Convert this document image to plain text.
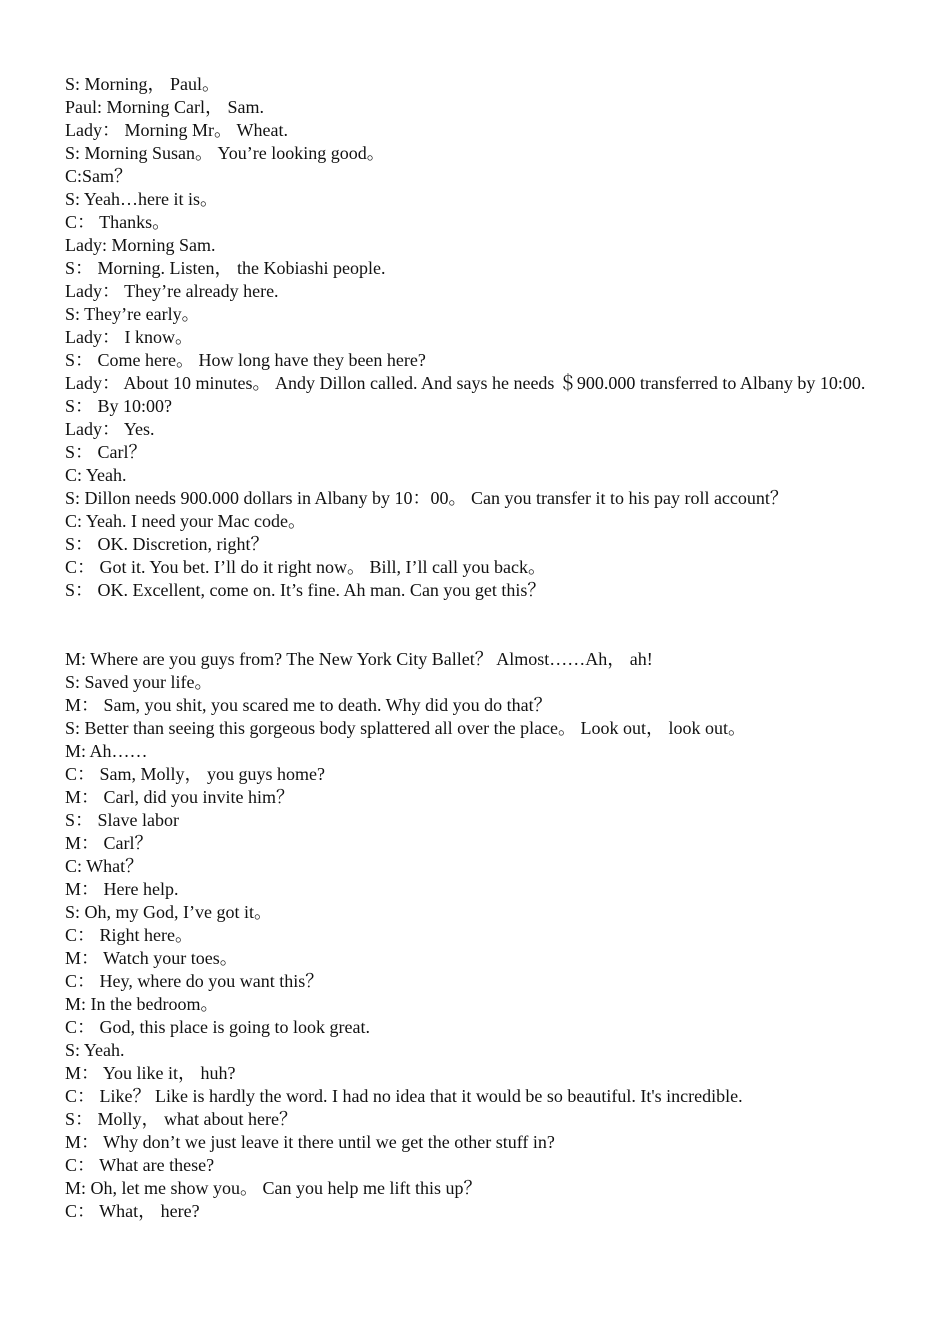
S: Morning， Paul。
Paul: Morning Carl， Sam.
Lady： Morning Mr。 Wheat.
S: Morning Susan。 You’re looking good。
C:Sam？
S: Yeah…here it is。
C： Thanks。
Lady: Morning Sam.
S： Morning. Listen， the Kobiashi people.
Lady： They’re already here.
S: They’re early。
Lady： I know。
S： Come here。 How long have they been here?
Lady： About 10 minutes。 Andy Dillon called. And says he needs ＄900.000 transferred to Albany by 10:00.
S： By 10:00?
Lady： Yes.
S： Carl？
C: Yeah.
S: Dillon needs 900.000 dollars in Albany by 10：00。 Can you transfer it to his pay roll account？
C: Yeah. I need your Mac code。
S： OK. Discretion, right？
C： Got it. You bet. I’ll do it right now。 Bill, I’ll call you back。
S： OK. Excellent, come on. It’s fine. Ah man. Can you get this？
M: Where are you guys from? The New York City Ballet？ Almost……Ah， ah!
S: Saved your life。
M： Sam, you shit, you scared me to death. Why did you do that？
S: Better than seeing this gorgeous body splattered all over the place。 Look out， look out。
M: Ah……
C： Sam, Molly， you guys home?
M： Carl, did you invite him？
S： Slave labor
M： Carl？
C: What？
M： Here help.
S: Oh, my God, I’ve got it。
C： Right here。
M： Watch your toes。
C： Hey, where do you want this？
M: In the bedroom。
C： God, this place is going to look great.
S: Yeah.
M： You like it， huh?
C： Like？ Like is hardly the word. I had no idea that it would be so beautiful. It's incredible.
S： Molly， what about here？
M： Why don’t we just leave it there until we get the other stuff in?
C： What are these?
M: Oh, let me show you。 Can you help me lift this up？
C： What， here?
